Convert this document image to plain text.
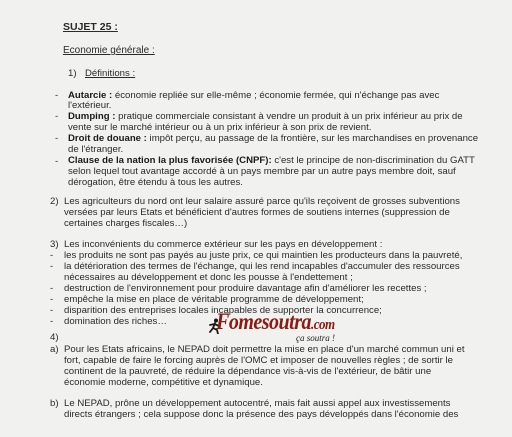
SUJET 25 :
Economie générale :
1) Définitions :
- Autarcie : économie repliée sur elle-même ; économie fermée, qui n'échange pas avec
l'extérieur.
- Dumping : pratique commerciale consistant à vendre un produit à un prix inférieur au prix de
vente sur le marché intérieur ou à un prix inférieur à son prix de revient.
- Droit de douane : impôt perçu, au passage de la frontière, sur les marchandises en provenance
de l'étranger.
- Clause de la nation la plus favorisée (CNPF): c'est le principe de non-discrimination du GATT
selon lequel tout avantage accordé à un pays membre par un autre pays membre doit, sauf
dérogation, être étendu à tous les autres.
2) Les agriculteurs du nord ont leur salaire assuré parce qu'ils reçoivent de grosses subventions
versées par leurs Etats et bénéficient d'autres formes de soutiens internes (suppression de
certaines charges fiscales…)
3) Les inconvénients du commerce extérieur sur les pays en développement :
- les produits ne sont pas payés au juste prix, ce qui maintien les producteurs dans la pauvreté,
- la détérioration des termes de l'échange, qui les rend incapables d'accumuler des ressources
nécessaires au développement et donc les pousse à l'endettement ;
- destruction de l'environnement pour produire davantage afin d'améliorer les recettes ;
- empêche la mise en place de véritable programme de développement;
- disparition des entreprises locales incapables de supporter la concurrence;
- domination des riches… Fomesoutra.com
ça soutra !
4)
a) Pour les Etats africains, le NEPAD doit permettre la mise en place d'un marché commun uni et
fort, capable de faire le forcing auprès de l'OMC et imposer de nouvelles règles ; de sortir le
continent de la pauvreté, de réduire la dépendance vis-à-vis de l'extérieur, de bâtir une
économie moderne, compétitive et dynamique.
b) Le NEPAD, prône un développement autocentré, mais fait aussi appel aux investissements
directs étrangers ; cela suppose donc la présence des pays développés dans l'économie des
